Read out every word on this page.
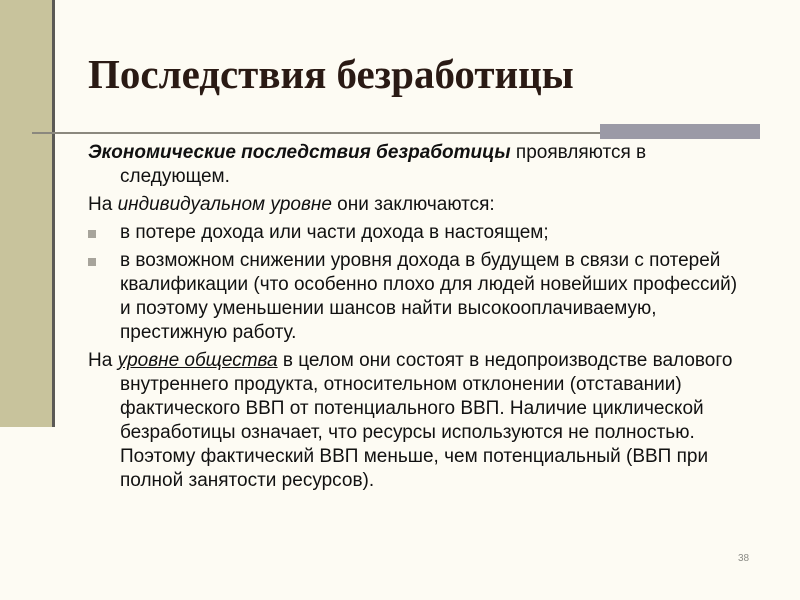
Последствия безработицы

Экономические последствия безработицы проявляются в следующем.

На индивидуальном уровне они заключаются:

в потере дохода или части дохода в настоящем;
в возможном снижении уровня дохода в будущем в связи с потерей квалификации (что особенно плохо для людей новейших профессий) и поэтому уменьшении шансов найти высокооплачиваемую, престижную работу.

На уровне общества в целом они состоят в недопроизводстве валового внутреннего продукта, относительном отклонении (отставании) фактического ВВП от потенциального ВВП. Наличие циклической безработицы означает, что ресурсы используются не полностью. Поэтому фактический ВВП меньше, чем потенциальный (ВВП при полной занятости ресурсов).

38
